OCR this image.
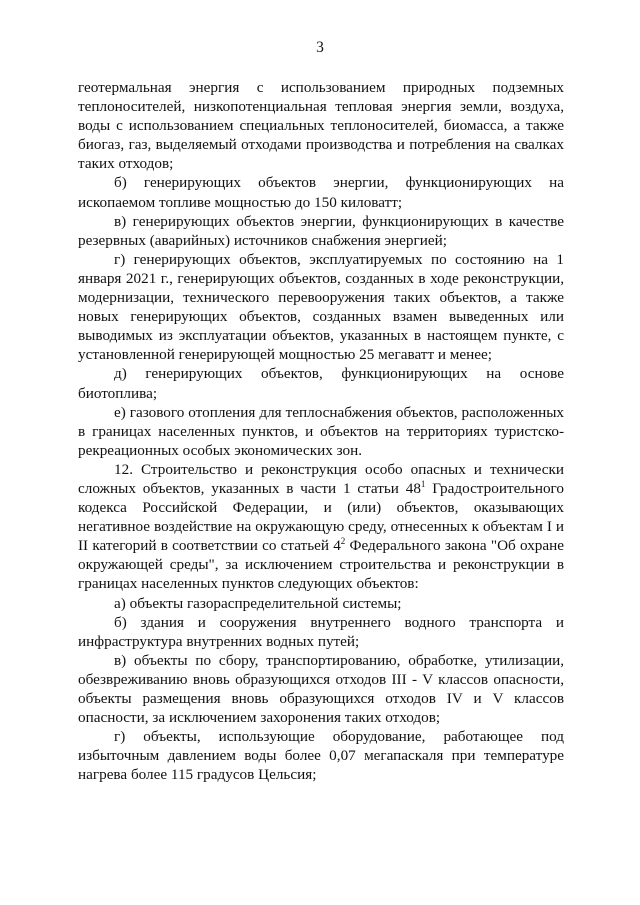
3

геотермальная энергия с использованием природных подземных теплоносителей, низкопотенциальная тепловая энергия земли, воздуха, воды с использованием специальных теплоносителей, биомасса, а также биогаз, газ, выделяемый отходами производства и потребления на свалках таких отходов;

б) генерирующих объектов энергии, функционирующих на ископаемом топливе мощностью до 150 киловатт;

в) генерирующих объектов энергии, функционирующих в качестве резервных (аварийных) источников снабжения энергией;

г) генерирующих объектов, эксплуатируемых по состоянию на 1 января 2021 г., генерирующих объектов, созданных в ходе реконструкции, модернизации, технического перевооружения таких объектов, а также новых генерирующих объектов, созданных взамен выведенных или выводимых из эксплуатации объектов, указанных в настоящем пункте, с установленной генерирующей мощностью 25 мегаватт и менее;

д) генерирующих объектов, функционирующих на основе биотоплива;

е) газового отопления для теплоснабжения объектов, расположенных в границах населенных пунктов, и объектов на территориях туристско-рекреационных особых экономических зон.

12. Строительство и реконструкция особо опасных и технически сложных объектов, указанных в части 1 статьи $48^1$ Градостроительного кодекса Российской Федерации, и (или) объектов, оказывающих негативное воздействие на окружающую среду, отнесенных к объектам I и II категорий в соответствии со статьей $4^2$ Федерального закона "Об охране окружающей среды", за исключением строительства и реконструкции в границах населенных пунктов следующих объектов:

а) объекты газораспределительной системы;

б) здания и сооружения внутреннего водного транспорта и инфраструктура внутренних водных путей;

в) объекты по сбору, транспортированию, обработке, утилизации, обезвреживанию вновь образующихся отходов III - V классов опасности, объекты размещения вновь образующихся отходов IV и V классов опасности, за исключением захоронения таких отходов;

г) объекты, использующие оборудование, работающее под избыточным давлением воды более 0,07 мегапаскаля при температуре нагрева более 115 градусов Цельсия;
